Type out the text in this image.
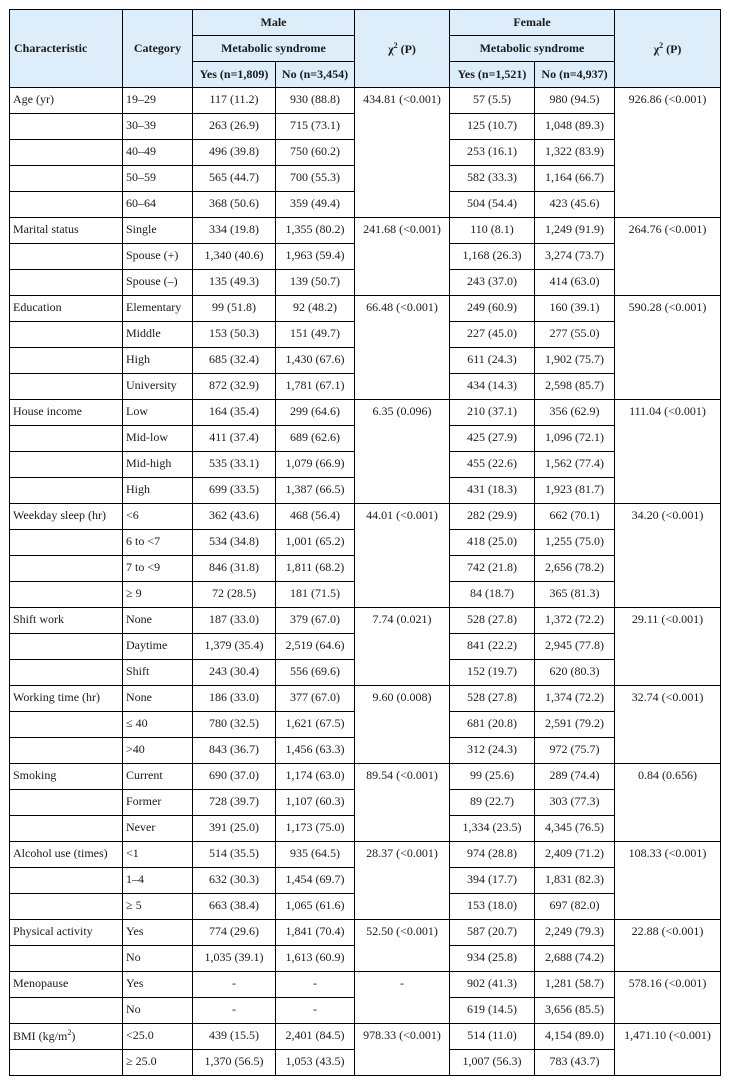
Characteristic	Category	Male		$\chi^2$ (P)	Female		$\chi^2$ (P)
		Metabolic syndrome			Metabolic syndrome		
		Yes (n=1,809)	No (n=3,454)		Yes (n=1,521)	No (n=4,937)	
Age (yr)	19–29	117 (11.2)	930 (88.8)	434.81 (<0.001)	57 (5.5)	980 (94.5)	926.86 (<0.001)
	30–39	263 (26.9)	715 (73.1)		125 (10.7)	1,048 (89.3)	
	40–49	496 (39.8)	750 (60.2)		253 (16.1)	1,322 (83.9)	
	50–59	565 (44.7)	700 (55.3)		582 (33.3)	1,164 (66.7)	
	60–64	368 (50.6)	359 (49.4)		504 (54.4)	423 (45.6)	
Marital status	Single	334 (19.8)	1,355 (80.2)	241.68 (<0.001)	110 (8.1)	1,249 (91.9)	264.76 (<0.001)
	Spouse (+)	1,340 (40.6)	1,963 (59.4)		1,168 (26.3)	3,274 (73.7)	
	Spouse (–)	135 (49.3)	139 (50.7)		243 (37.0)	414 (63.0)	
Education	Elementary	99 (51.8)	92 (48.2)	66.48 (<0.001)	249 (60.9)	160 (39.1)	590.28 (<0.001)
	Middle	153 (50.3)	151 (49.7)		227 (45.0)	277 (55.0)	
	High	685 (32.4)	1,430 (67.6)		611 (24.3)	1,902 (75.7)	
	University	872 (32.9)	1,781 (67.1)		434 (14.3)	2,598 (85.7)	
House income	Low	164 (35.4)	299 (64.6)	6.35 (0.096)	210 (37.1)	356 (62.9)	111.04 (<0.001)
	Mid-low	411 (37.4)	689 (62.6)		425 (27.9)	1,096 (72.1)	
	Mid-high	535 (33.1)	1,079 (66.9)		455 (22.6)	1,562 (77.4)	
	High	699 (33.5)	1,387 (66.5)		431 (18.3)	1,923 (81.7)	
Weekday sleep (hr)	<6	362 (43.6)	468 (56.4)	44.01 (<0.001)	282 (29.9)	662 (70.1)	34.20 (<0.001)
	6 to <7	534 (34.8)	1,001 (65.2)		418 (25.0)	1,255 (75.0)	
	7 to <9	846 (31.8)	1,811 (68.2)		742 (21.8)	2,656 (78.2)	
	≥ 9	72 (28.5)	181 (71.5)		84 (18.7)	365 (81.3)	
Shift work	None	187 (33.0)	379 (67.0)	7.74 (0.021)	528 (27.8)	1,372 (72.2)	29.11 (<0.001)
	Daytime	1,379 (35.4)	2,519 (64.6)		841 (22.2)	2,945 (77.8)	
	Shift	243 (30.4)	556 (69.6)		152 (19.7)	620 (80.3)	
Working time (hr)	None	186 (33.0)	377 (67.0)	9.60 (0.008)	528 (27.8)	1,374 (72.2)	32.74 (<0.001)
	≤ 40	780 (32.5)	1,621 (67.5)		681 (20.8)	2,591 (79.2)	
	>40	843 (36.7)	1,456 (63.3)		312 (24.3)	972 (75.7)	
Smoking	Current	690 (37.0)	1,174 (63.0)	89.54 (<0.001)	99 (25.6)	289 (74.4)	0.84 (0.656)
	Former	728 (39.7)	1,107 (60.3)		89 (22.7)	303 (77.3)	
	Never	391 (25.0)	1,173 (75.0)		1,334 (23.5)	4,345 (76.5)	
Alcohol use (times)	<1	514 (35.5)	935 (64.5)	28.37 (<0.001)	974 (28.8)	2,409 (71.2)	108.33 (<0.001)
	1–4	632 (30.3)	1,454 (69.7)		394 (17.7)	1,831 (82.3)	
	≥ 5	663 (38.4)	1,065 (61.6)		153 (18.0)	697 (82.0)	
Physical activity	Yes	774 (29.6)	1,841 (70.4)	52.50 (<0.001)	587 (20.7)	2,249 (79.3)	22.88 (<0.001)
	No	1,035 (39.1)	1,613 (60.9)		934 (25.8)	2,688 (74.2)	
Menopause	Yes	-	-	-	902 (41.3)	1,281 (58.7)	578.16 (<0.001)
	No	-	-		619 (14.5)	3,656 (85.5)	
BMI $(kg/m^2)$	<25.0	439 (15.5)	2,401 (84.5)	978.33 (<0.001)	514 (11.0)	4,154 (89.0)	1,471.10 (<0.001)
	≥ 25.0	1,370 (56.5)	1,053 (43.5)		1,007 (56.3)	783 (43.7)	
